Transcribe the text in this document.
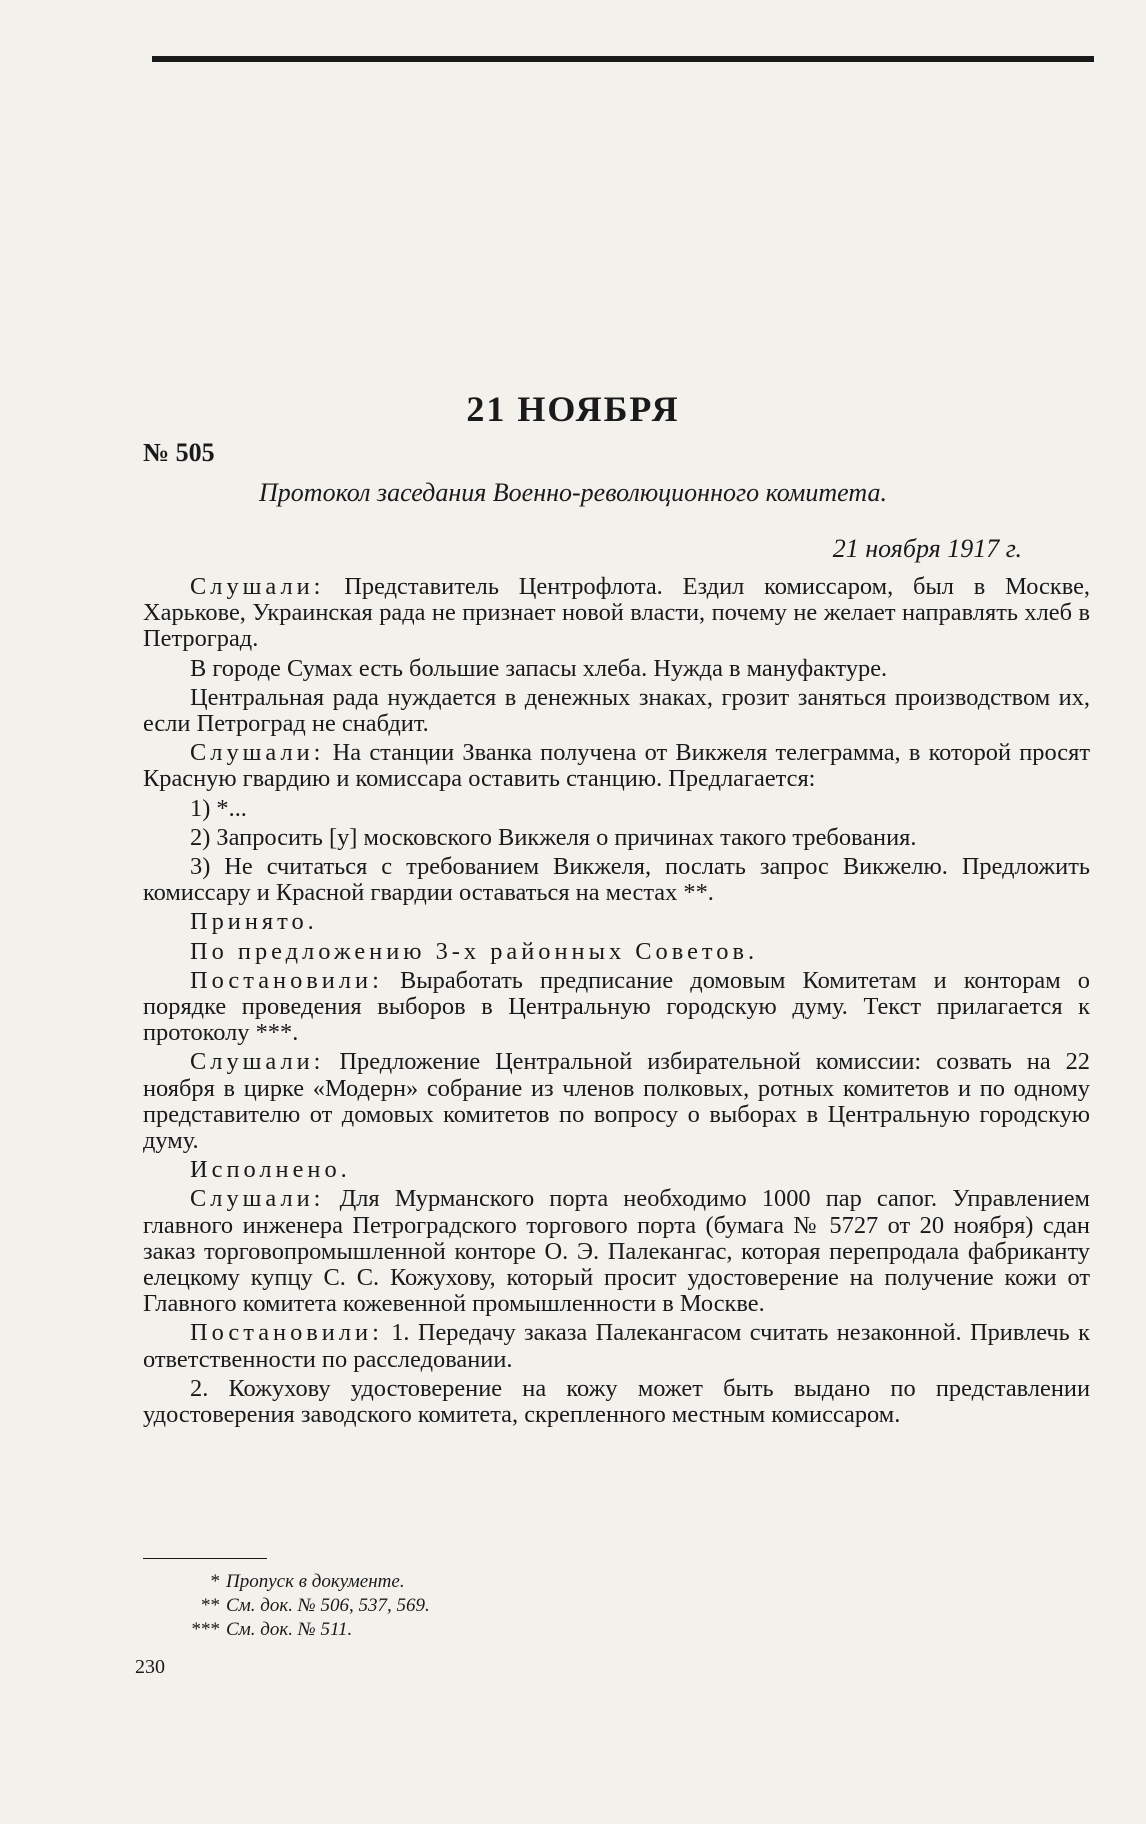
21 НОЯБРЯ
№ 505
Протокол заседания Военно-революционного комитета.
21 ноября 1917 г.

Слушали: Представитель Центрофлота. Ездил комиссаром, был в Москве, Харькове, Украинская рада не признает новой власти, почему не желает направлять хлеб в Петроград.

В городе Сумах есть большие запасы хлеба. Нужда в мануфактуре.

Центральная рада нуждается в денежных знаках, грозит заняться производством их, если Петроград не снабдит.

Слушали: На станции Званка получена от Викжеля телеграмма, в которой просят Красную гвардию и комиссара оставить станцию. Предлагается:

1) *...

2) Запросить [у] московского Викжеля о причинах такого требования.

3) Не считаться с требованием Викжеля, послать запрос Викжелю. Предложить комиссару и Красной гвардии оставаться на местах **.

Принято.

По предложению 3-х районных Советов.

Постановили: Выработать предписание домовым Комитетам и конторам о порядке проведения выборов в Центральную городскую думу. Текст прилагается к протоколу ***.

Слушали: Предложение Центральной избирательной комиссии: созвать на 22 ноября в цирке «Модерн» собрание из членов полковых, ротных комитетов и по одному представителю от домовых комитетов по вопросу о выборах в Центральную городскую думу.

Исполнено.

Слушали: Для Мурманского порта необходимо 1000 пар сапог. Управлением главного инженера Петроградского торгового порта (бумага № 5727 от 20 ноября) сдан заказ торговопромышленной конторе О. Э. Палекангас, которая перепродала фабриканту елецкому купцу С. С. Кожухову, который просит удостоверение на получение кожи от Главного комитета кожевенной промышленности в Москве.

Постановили: 1. Передачу заказа Палекангасом считать незаконной. Привлечь к ответственности по расследовании.

2. Кожухову удостоверение на кожу может быть выдано по представлении удостоверения заводского комитета, скрепленного местным комиссаром.

* Пропуск в документе.
** См. док. № 506, 537, 569.
*** См. док. № 511.
230
